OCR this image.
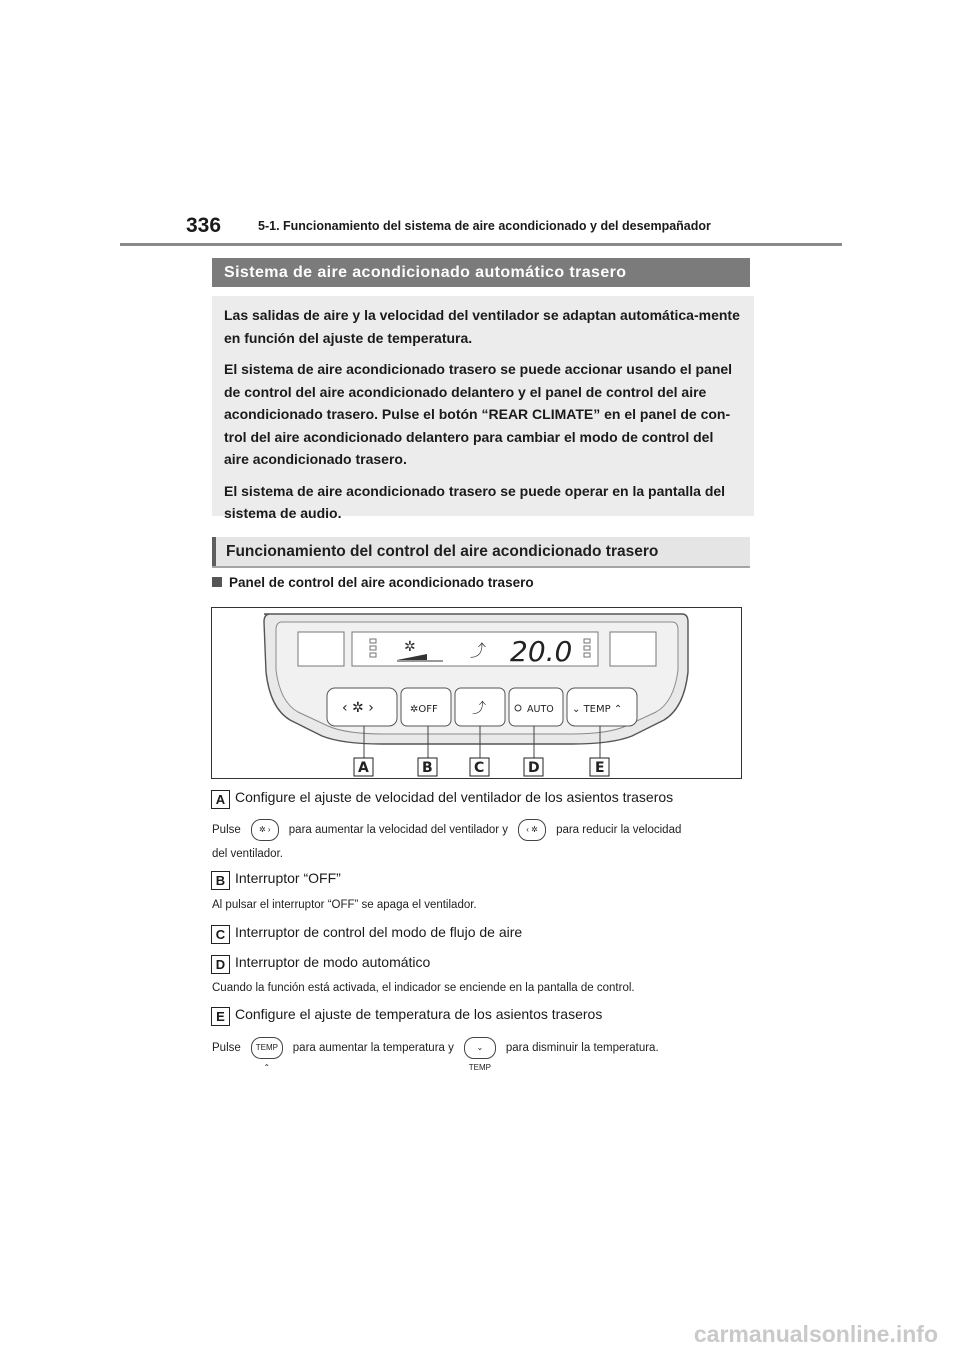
336	5-1. Funcionamiento del sistema de aire acondicionado y del desempañador
Sistema de aire acondicionado automático trasero

Las salidas de aire y la velocidad del ventilador se adaptan automática-mente en función del ajuste de temperatura.

El sistema de aire acondicionado trasero se puede accionar usando el panel de control del aire acondicionado delantero y el panel de control del aire acondicionado trasero. Pulse el botón “REAR CLIMATE” en el panel de con-trol del aire acondicionado delantero para cambiar el modo de control del aire acondicionado trasero.

El sistema de aire acondicionado trasero se puede operar en la pantalla del sistema de audio.

Funcionamiento del control del aire acondicionado trasero
Panel de control del aire acondicionado trasero
✲	⤴ 20.0
‹ ✲ ›	✲OFF ⤴	AUTO ⌄ TEMP ⌃
A	B	C	D	E
A Configure el ajuste de velocidad del ventilador de los asientos traseros
Pulse ✲ › para aumentar la velocidad del ventilador y ‹ ✲ para reducir la velocidad
del ventilador.
B Interruptor “OFF”
Al pulsar el interruptor “OFF” se apaga el ventilador.
C Interruptor de control del modo de flujo de aire
D Interruptor de modo automático
Cuando la función está activada, el indicador se enciende en la pantalla de control.
E Configure el ajuste de temperatura de los asientos traseros
Pulse TEMP ⌃para aumentar la temperatura y	⌄ TEMPpara disminuir la temperatura.
carmanualsonline.info
